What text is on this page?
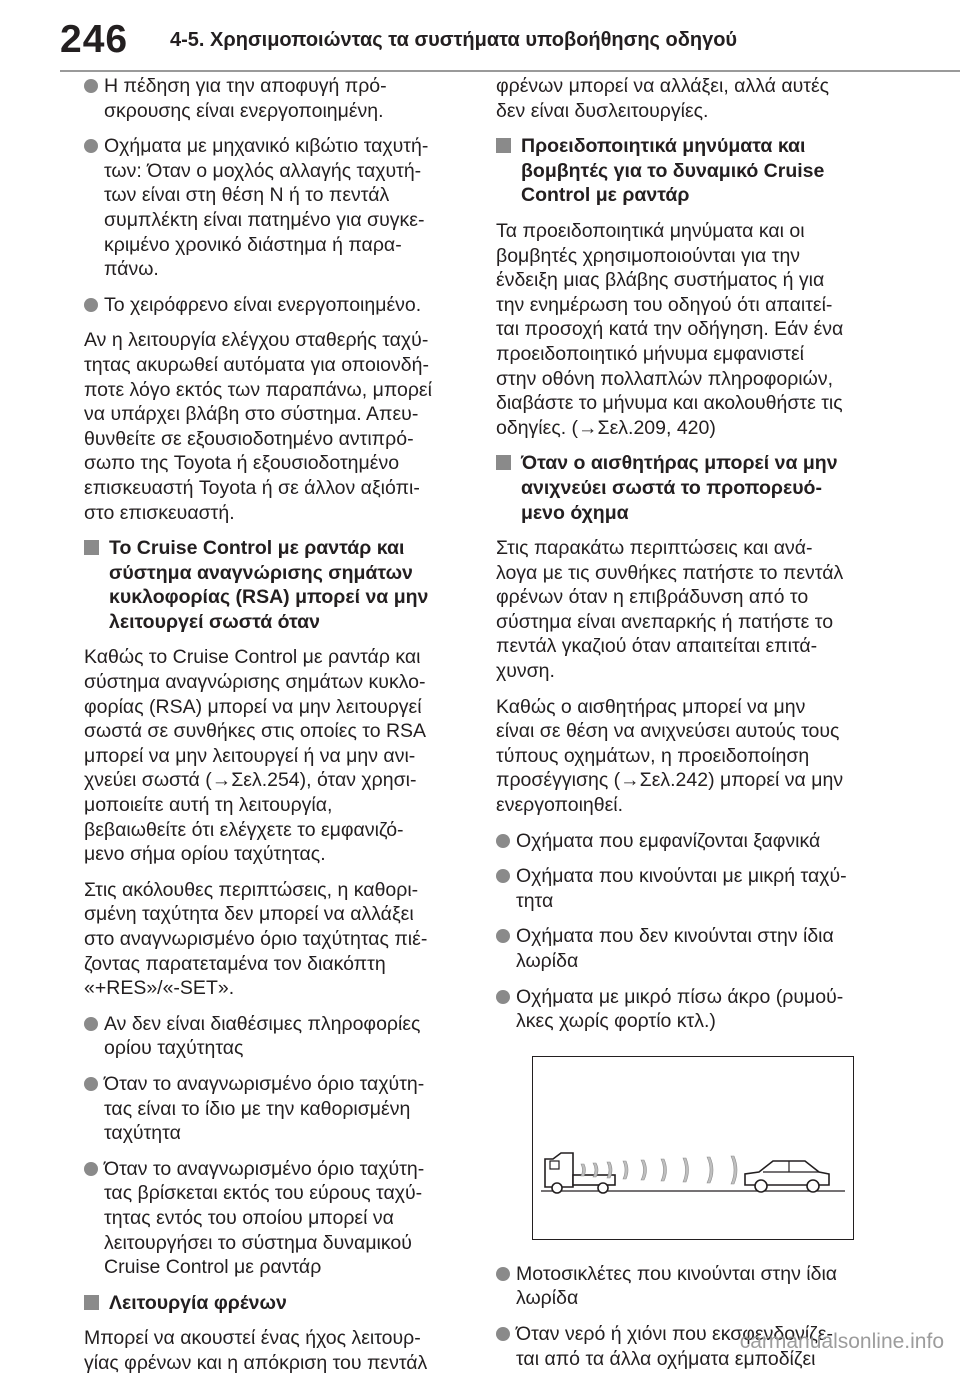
246 4-5. Χρησιμοποιώντας τα συστήματα υποβοήθησης οδηγού
Η πέδηση για την αποφυγή πρό-
σκρουσης είναι ενεργοποιημένη.
Οχήματα με μηχανικό κιβώτιο ταχυτή-
των: Όταν ο μοχλός αλλαγής ταχυτή-
των είναι στη θέση N ή το πεντάλ
συμπλέκτη είναι πατημένο για συγκε-
κριμένο χρονικό διάστημα ή παρα-
πάνω.
Το χειρόφρενο είναι ενεργοποιημένο.
Αν η λειτουργία ελέγχου σταθερής ταχύ-
τητας ακυρωθεί αυτόματα για οποιονδή-
ποτε λόγο εκτός των παραπάνω, μπορεί
να υπάρχει βλάβη στο σύστημα. Απευ-
θυνθείτε σε εξουσιοδοτημένο αντιπρό-
σωπο της Toyota ή εξουσιοδοτημένο
επισκευαστή Toyota ή σε άλλον αξιόπι-
στο επισκευαστή.
Το Cruise Control με ραντάρ και
σύστημα αναγνώρισης σημάτων
κυκλοφορίας (RSA) μπορεί να μην
λειτουργεί σωστά όταν
Καθώς το Cruise Control με ραντάρ και
σύστημα αναγνώρισης σημάτων κυκλο-
φορίας (RSA) μπορεί να μην λειτουργεί
σωστά σε συνθήκες στις οποίες το RSA
μπορεί να μην λειτουργεί ή να μην ανι-
χνεύει σωστά (→Σελ.254), όταν χρησι-
μοποιείτε αυτή τη λειτουργία,
βεβαιωθείτε ότι ελέγχετε το εμφανιζό-
μενο σήμα ορίου ταχύτητας.
Στις ακόλουθες περιπτώσεις, η καθορι-
σμένη ταχύτητα δεν μπορεί να αλλάξει
στο αναγνωρισμένο όριο ταχύτητας πιέ-
ζοντας παρατεταμένα τον διακόπτη
«+RES»/«-SET».
Αν δεν είναι διαθέσιμες πληροφορίες
ορίου ταχύτητας
Όταν το αναγνωρισμένο όριο ταχύτη-
τας είναι το ίδιο με την καθορισμένη
ταχύτητα
Όταν το αναγνωρισμένο όριο ταχύτη-
τας βρίσκεται εκτός του εύρους ταχύ-
τητας εντός του οποίου μπορεί να
λειτουργήσει το σύστημα δυναμικού
Cruise Control με ραντάρ
Λειτουργία φρένων
Μπορεί να ακουστεί ένας ήχος λειτουρ-
γίας φρένων και η απόκριση του πεντάλ
φρένων μπορεί να αλλάξει, αλλά αυτές
δεν είναι δυσλειτουργίες.
Προειδοποιητικά μηνύματα και
βομβητές για το δυναμικό Cruise
Control με ραντάρ
Τα προειδοποιητικά μηνύματα και οι
βομβητές χρησιμοποιούνται για την
ένδειξη μιας βλάβης συστήματος ή για
την ενημέρωση του οδηγού ότι απαιτεί-
ται προσοχή κατά την οδήγηση. Εάν ένα
προειδοποιητικό μήνυμα εμφανιστεί
στην οθόνη πολλαπλών πληροφοριών,
διαβάστε το μήνυμα και ακολουθήστε τις
οδηγίες. (→Σελ.209, 420)
Όταν ο αισθητήρας μπορεί να μην
ανιχνεύει σωστά το προπορευό-
μενο όχημα
Στις παρακάτω περιπτώσεις και ανά-
λογα με τις συνθήκες πατήστε το πεντάλ
φρένων όταν η επιβράδυνση από το
σύστημα είναι ανεπαρκής ή πατήστε το
πεντάλ γκαζιού όταν απαιτείται επιτά-
χυνση.
Καθώς ο αισθητήρας μπορεί να μην
είναι σε θέση να ανιχνεύσει αυτούς τους
τύπους οχημάτων, η προειδοποίηση
προσέγγισης (→Σελ.242) μπορεί να μην
ενεργοποιηθεί.
Οχήματα που εμφανίζονται ξαφνικά
Οχήματα που κινούνται με μικρή ταχύ-
τητα
Οχήματα που δεν κινούνται στην ίδια
λωρίδα
Οχήματα με μικρό πίσω άκρο (ρυμού-
λκες χωρίς φορτίο κτλ.)
Μοτοσικλέτες που κινούνται στην ίδια
λωρίδα
Όταν νερό ή χιόνι που εκσφενδονίζε-
ται από τα άλλα οχήματα εμποδίζει
carmanualsonline.info
